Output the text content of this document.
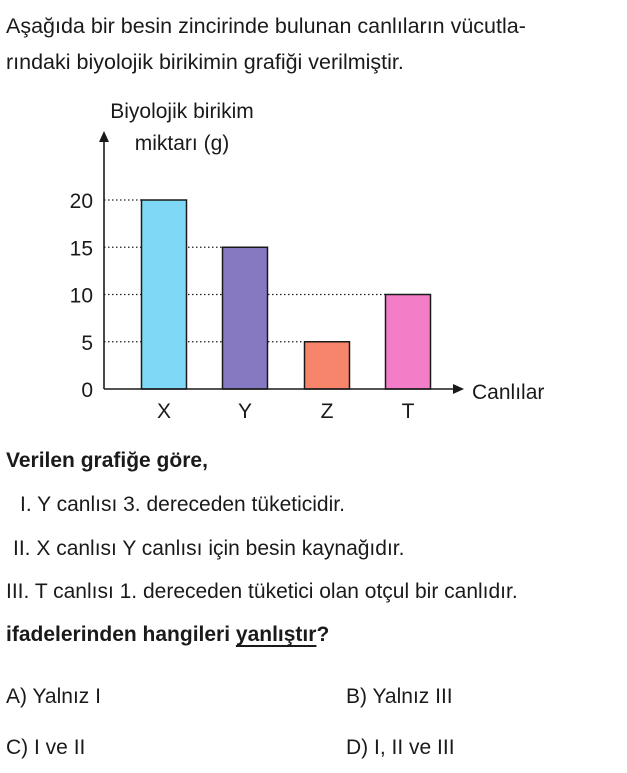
Aşağıda bir besin zincirinde bulunan canlıların vücutla-
rındaki biyolojik birikimin grafiği verilmiştir.

X	Y	Z	T
0
5
10
15
20
Biyolojik birikim
miktarı (g)
Canlılar

Verilen grafiğe göre,

I. Y canlısı 3. dereceden tüketicidir.

II. X canlısı Y canlısı için besin kaynağıdır.

III. T canlısı 1. dereceden tüketici olan otçul bir canlıdır.

ifadelerinden hangileri yanlıştır?

A) Yalnız I	B) Yalnız III

C) I ve II	D) I, II ve III
